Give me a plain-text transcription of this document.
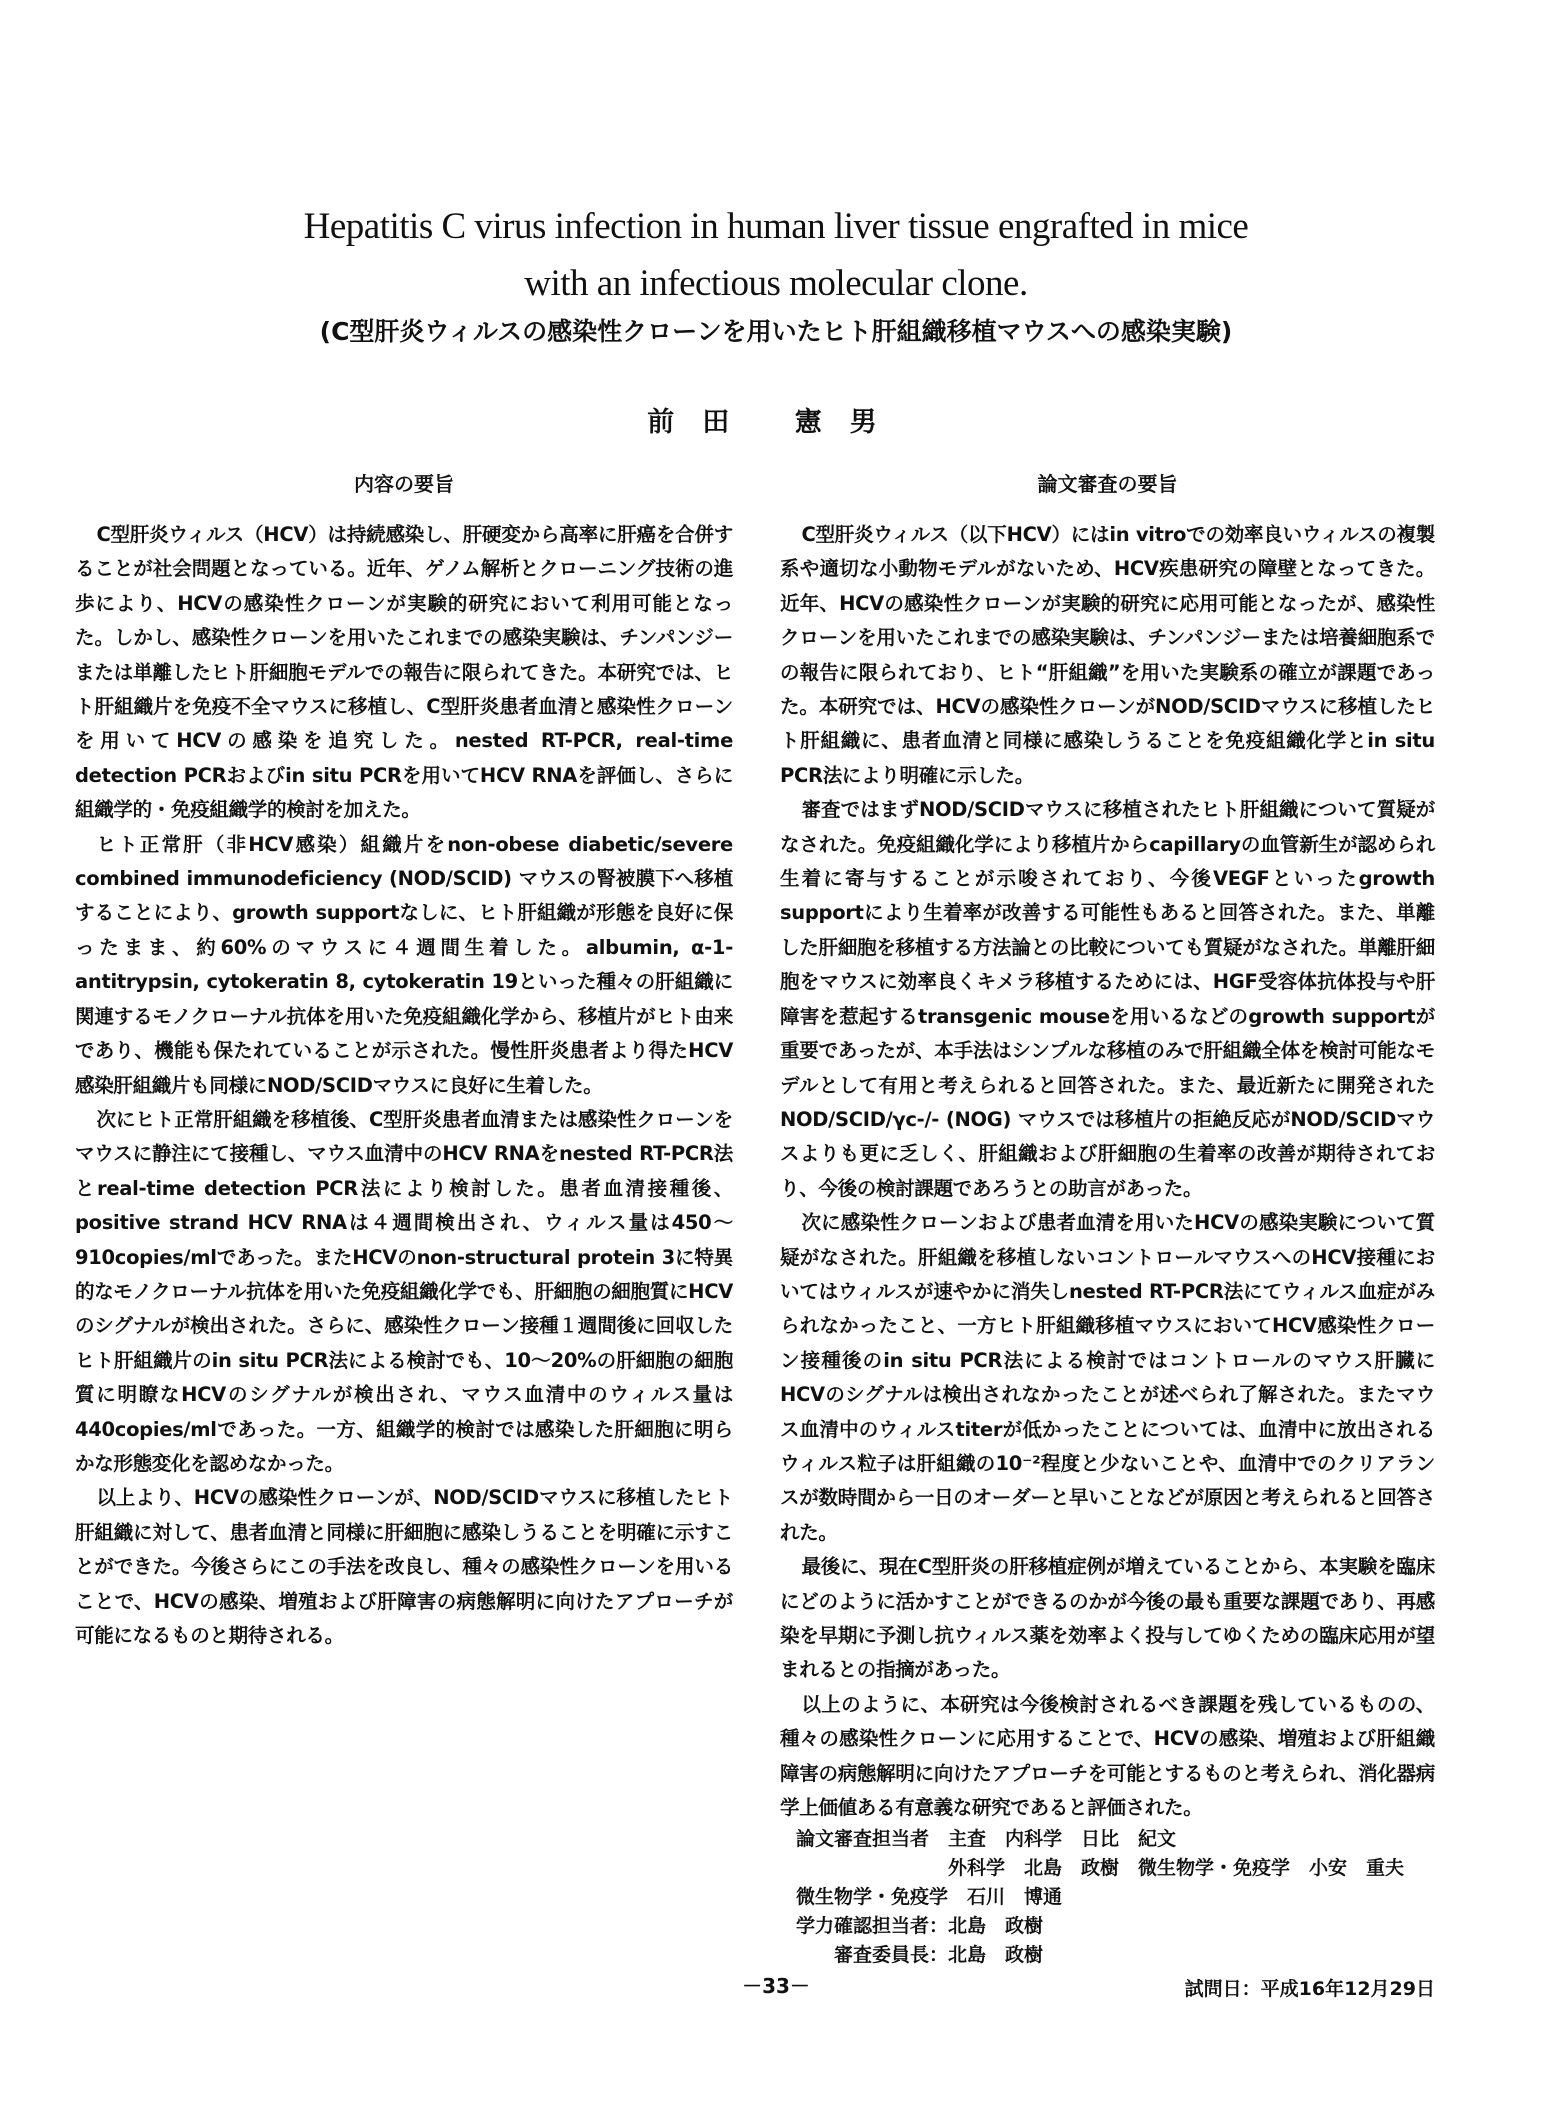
Hepatitis C virus infection in human liver tissue engrafted in mice
with an infectious molecular clone.
(C型肝炎ウィルスの感染性クローンを用いたヒト肝組織移植マウスへの感染実験)
前田 憲男
内容の要旨

C型肝炎ウィルス（HCV）は持続感染し、肝硬変から高率に肝癌を合併することが社会問題となっている。近年、ゲノム解析とクローニング技術の進歩により、HCVの感染性クローンが実験的研究において利用可能となった。しかし、感染性クローンを用いたこれまでの感染実験は、チンパンジーまたは単離したヒト肝細胞モデルでの報告に限られてきた。本研究では、ヒト肝組織片を免疫不全マウスに移植し、C型肝炎患者血清と感染性クローンを用いてHCVの感染を追究した。nested RT-PCR, real-time detection PCRおよびin situ PCRを用いてHCV RNAを評価し、さらに組織学的・免疫組織学的検討を加えた。

ヒト正常肝（非HCV感染）組織片をnon-obese diabetic/severe combined immunodeficiency (NOD/SCID) マウスの腎被膜下へ移植することにより、growth supportなしに、ヒト肝組織が形態を良好に保ったまま、約60%のマウスに４週間生着した。albumin, α-1-antitrypsin, cytokeratin 8, cytokeratin 19といった種々の肝組織に関連するモノクローナル抗体を用いた免疫組織化学から、移植片がヒト由来であり、機能も保たれていることが示された。慢性肝炎患者より得たHCV感染肝組織片も同様にNOD/SCIDマウスに良好に生着した。

次にヒト正常肝組織を移植後、C型肝炎患者血清または感染性クローンをマウスに静注にて接種し、マウス血清中のHCV RNAをnested RT-PCR法とreal-time detection PCR法により検討した。患者血清接種後、positive strand HCV RNAは４週間検出され、ウィルス量は450～910copies/mlであった。またHCVのnon-structural protein 3に特異的なモノクローナル抗体を用いた免疫組織化学でも、肝細胞の細胞質にHCVのシグナルが検出された。さらに、感染性クローン接種１週間後に回収したヒト肝組織片のin situ PCR法による検討でも、10～20%の肝細胞の細胞質に明瞭なHCVのシグナルが検出され、マウス血清中のウィルス量は440copies/mlであった。一方、組織学的検討では感染した肝細胞に明らかな形態変化を認めなかった。

以上より、HCVの感染性クローンが、NOD/SCIDマウスに移植したヒト肝組織に対して、患者血清と同様に肝細胞に感染しうることを明確に示すことができた。今後さらにこの手法を改良し、種々の感染性クローンを用いることで、HCVの感染、増殖および肝障害の病態解明に向けたアプローチが可能になるものと期待される。

論文審査の要旨

C型肝炎ウィルス（以下HCV）にはin vitroでの効率良いウィルスの複製系や適切な小動物モデルがないため、HCV疾患研究の障壁となってきた。近年、HCVの感染性クローンが実験的研究に応用可能となったが、感染性クローンを用いたこれまでの感染実験は、チンパンジーまたは培養細胞系での報告に限られており、ヒト“肝組織”を用いた実験系の確立が課題であった。本研究では、HCVの感染性クローンがNOD/SCIDマウスに移植したヒト肝組織に、患者血清と同様に感染しうることを免疫組織化学とin situ PCR法により明確に示した。

審査ではまずNOD/SCIDマウスに移植されたヒト肝組織について質疑がなされた。免疫組織化学により移植片からcapillaryの血管新生が認められ生着に寄与することが示唆されており、今後VEGFといったgrowth supportにより生着率が改善する可能性もあると回答された。また、単離した肝細胞を移植する方法論との比較についても質疑がなされた。単離肝細胞をマウスに効率良くキメラ移植するためには、HGF受容体抗体投与や肝障害を惹起するtransgenic mouseを用いるなどのgrowth supportが重要であったが、本手法はシンプルな移植のみで肝組織全体を検討可能なモデルとして有用と考えられると回答された。また、最近新たに開発されたNOD/SCID/γc-/- (NOG) マウスでは移植片の拒絶反応がNOD/SCIDマウスよりも更に乏しく、肝組織および肝細胞の生着率の改善が期待されており、今後の検討課題であろうとの助言があった。

次に感染性クローンおよび患者血清を用いたHCVの感染実験について質疑がなされた。肝組織を移植しないコントロールマウスへのHCV接種においてはウィルスが速やかに消失しnested RT-PCR法にてウィルス血症がみられなかったこと、一方ヒト肝組織移植マウスにおいてHCV感染性クローン接種後のin situ PCR法による検討ではコントロールのマウス肝臓にHCVのシグナルは検出されなかったことが述べられ了解された。またマウス血清中のウィルスtiterが低かったことについては、血清中に放出されるウィルス粒子は肝組織の10⁻²程度と少ないことや、血清中でのクリアランスが数時間から一日のオーダーと早いことなどが原因と考えられると回答された。

最後に、現在C型肝炎の肝移植症例が増えていることから、本実験を臨床にどのように活かすことができるのかが今後の最も重要な課題であり、再感染を早期に予測し抗ウィルス薬を効率よく投与してゆくための臨床応用が望まれるとの指摘があった。

以上のように、本研究は今後検討されるべき課題を残しているものの、種々の感染性クローンに応用することで、HCVの感染、増殖および肝組織障害の病態解明に向けたアプローチを可能とするものと考えられ、消化器病学上価値ある有意義な研究であると評価された。

論文審査担当者　主査　内科学　日比　紀文
　　　　　　　　外科学　北島　政樹　微生物学・免疫学　小安　重夫
微生物学・免疫学　石川　博通
学力確認担当者：北島　政樹
　　審査委員長：北島　政樹
試問日：平成16年12月29日
－33－
